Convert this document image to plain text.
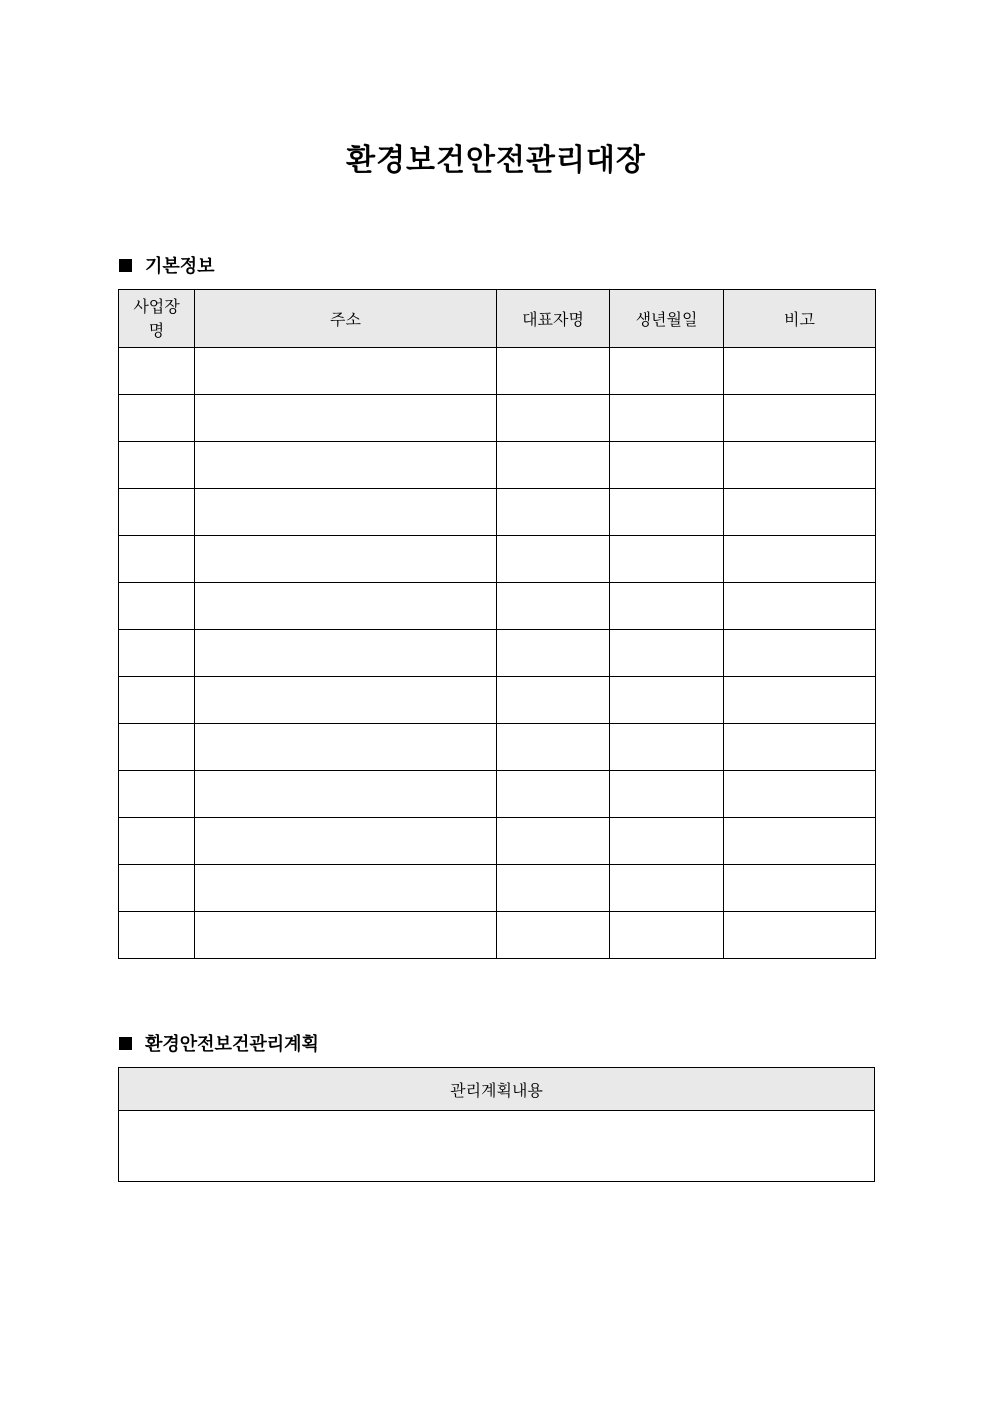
환경보건안전관리대장
기본정보
사업장
명	주소	대표자명	생년월일	비고

환경안전보건관리계획
관리계획내용
